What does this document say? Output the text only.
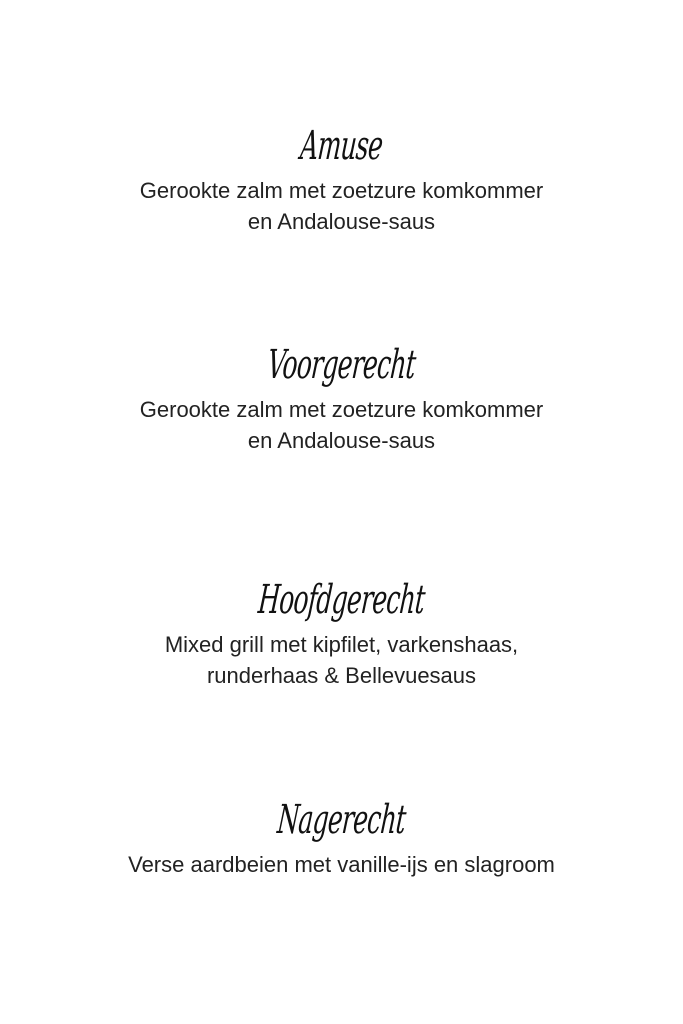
Amuse
Gerookte zalm met zoetzure komkommer
en Andalouse-saus
Voorgerecht
Gerookte zalm met zoetzure komkommer
en Andalouse-saus
Hoofdgerecht
Mixed grill met kipfilet, varkenshaas,
runderhaas & Bellevuesaus
Nagerecht
Verse aardbeien met vanille-ijs en slagroom
